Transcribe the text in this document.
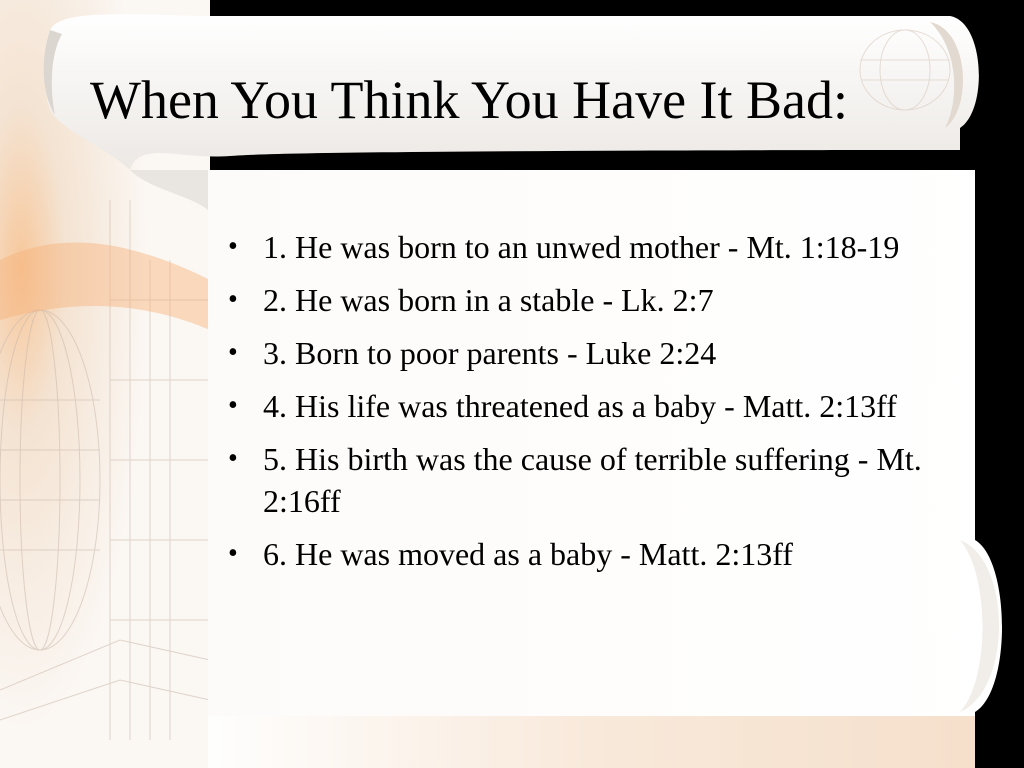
When You Think You Have It Bad:
• 1. He was born to an unwed mother - Mt. 1:18-19
• 2. He was born in a stable - Lk. 2:7
• 3. Born to poor parents - Luke 2:24
• 4. His life was threatened as a baby - Matt. 2:13ff
• 5. His birth was the cause of terrible suffering - Mt. 2:16ff
• 6. He was moved as a baby - Matt. 2:13ff
